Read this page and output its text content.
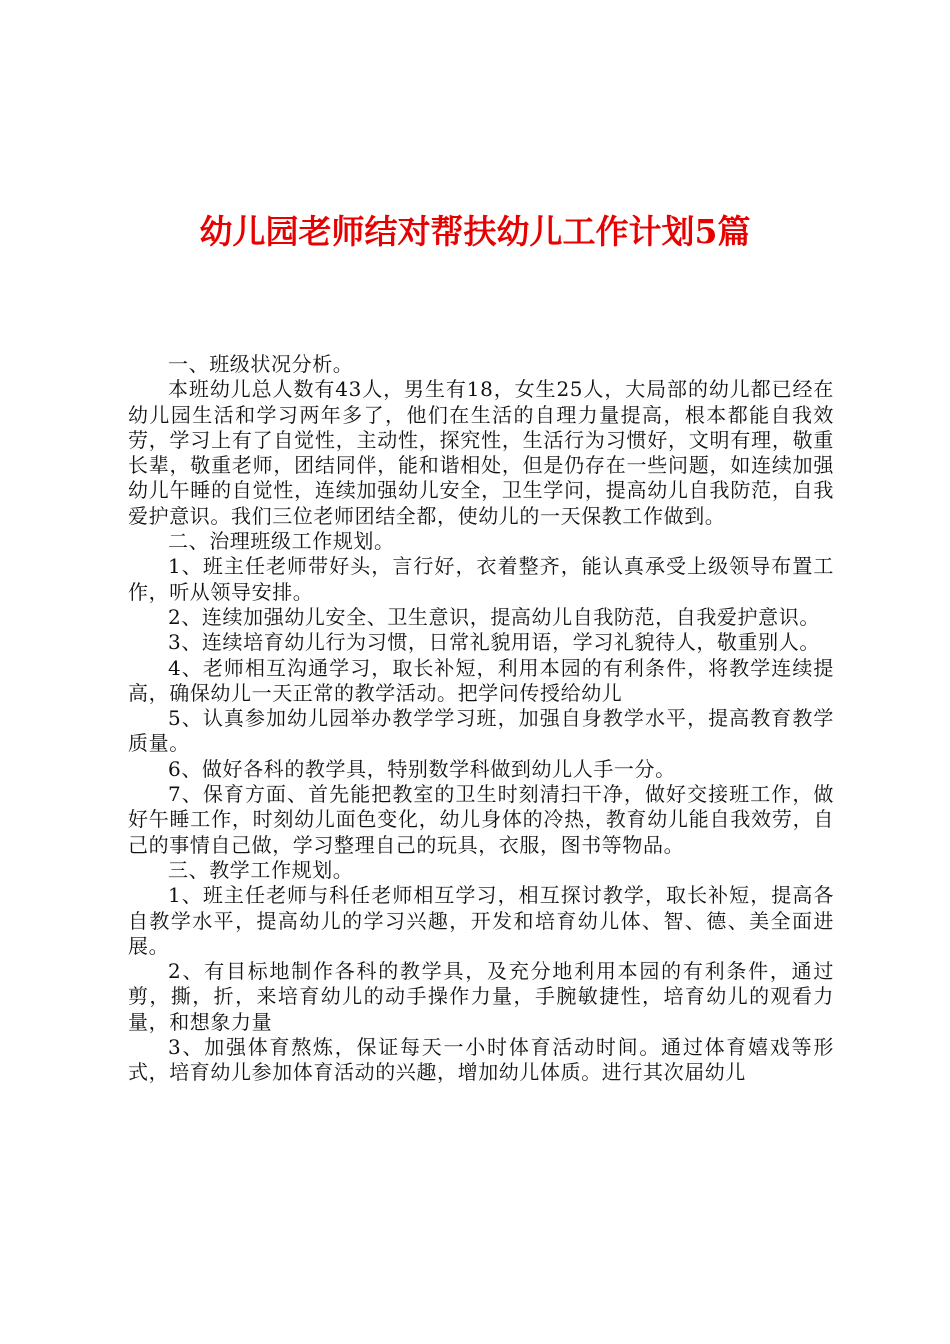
幼儿园老师结对帮扶幼儿工作计划5篇

一、班级状况分析。

本班幼儿总人数有43人，男生有18，女生25人，大局部的幼儿都已经在幼儿园生活和学习两年多了，他们在生活的自理力量提高，根本都能自我效劳，学习上有了自觉性，主动性，探究性，生活行为习惯好，文明有理，敬重长辈，敬重老师，团结同伴，能和谐相处，但是仍存在一些问题，如连续加强幼儿午睡的自觉性，连续加强幼儿安全，卫生学问，提高幼儿自我防范，自我爱护意识。我们三位老师团结全都，使幼儿的一天保教工作做到。

二、治理班级工作规划。

1、班主任老师带好头，言行好，衣着整齐，能认真承受上级领导布置工作，听从领导安排。

2、连续加强幼儿安全、卫生意识，提高幼儿自我防范，自我爱护意识。

3、连续培育幼儿行为习惯，日常礼貌用语，学习礼貌待人，敬重别人。

4、老师相互沟通学习，取长补短，利用本园的有利条件，将教学连续提高，确保幼儿一天正常的教学活动。把学问传授给幼儿

5、认真参加幼儿园举办教学学习班，加强自身教学水平，提高教育教学质量。

6、做好各科的教学具，特别数学科做到幼儿人手一分。

7、保育方面、首先能把教室的卫生时刻清扫干净，做好交接班工作，做好午睡工作，时刻幼儿面色变化，幼儿身体的冷热，教育幼儿能自我效劳，自己的事情自己做，学习整理自己的玩具，衣服，图书等物品。

三、教学工作规划。

1、班主任老师与科任老师相互学习，相互探讨教学，取长补短，提高各自教学水平，提高幼儿的学习兴趣，开发和培育幼儿体、智、德、美全面进展。

2、有目标地制作各科的教学具，及充分地利用本园的有利条件，通过剪，撕，折，来培育幼儿的动手操作力量，手腕敏捷性，培育幼儿的观看力量，和想象力量

3、加强体育熬炼，保证每天一小时体育活动时间。通过体育嬉戏等形式，培育幼儿参加体育活动的兴趣，增加幼儿体质。进行其次届幼儿
